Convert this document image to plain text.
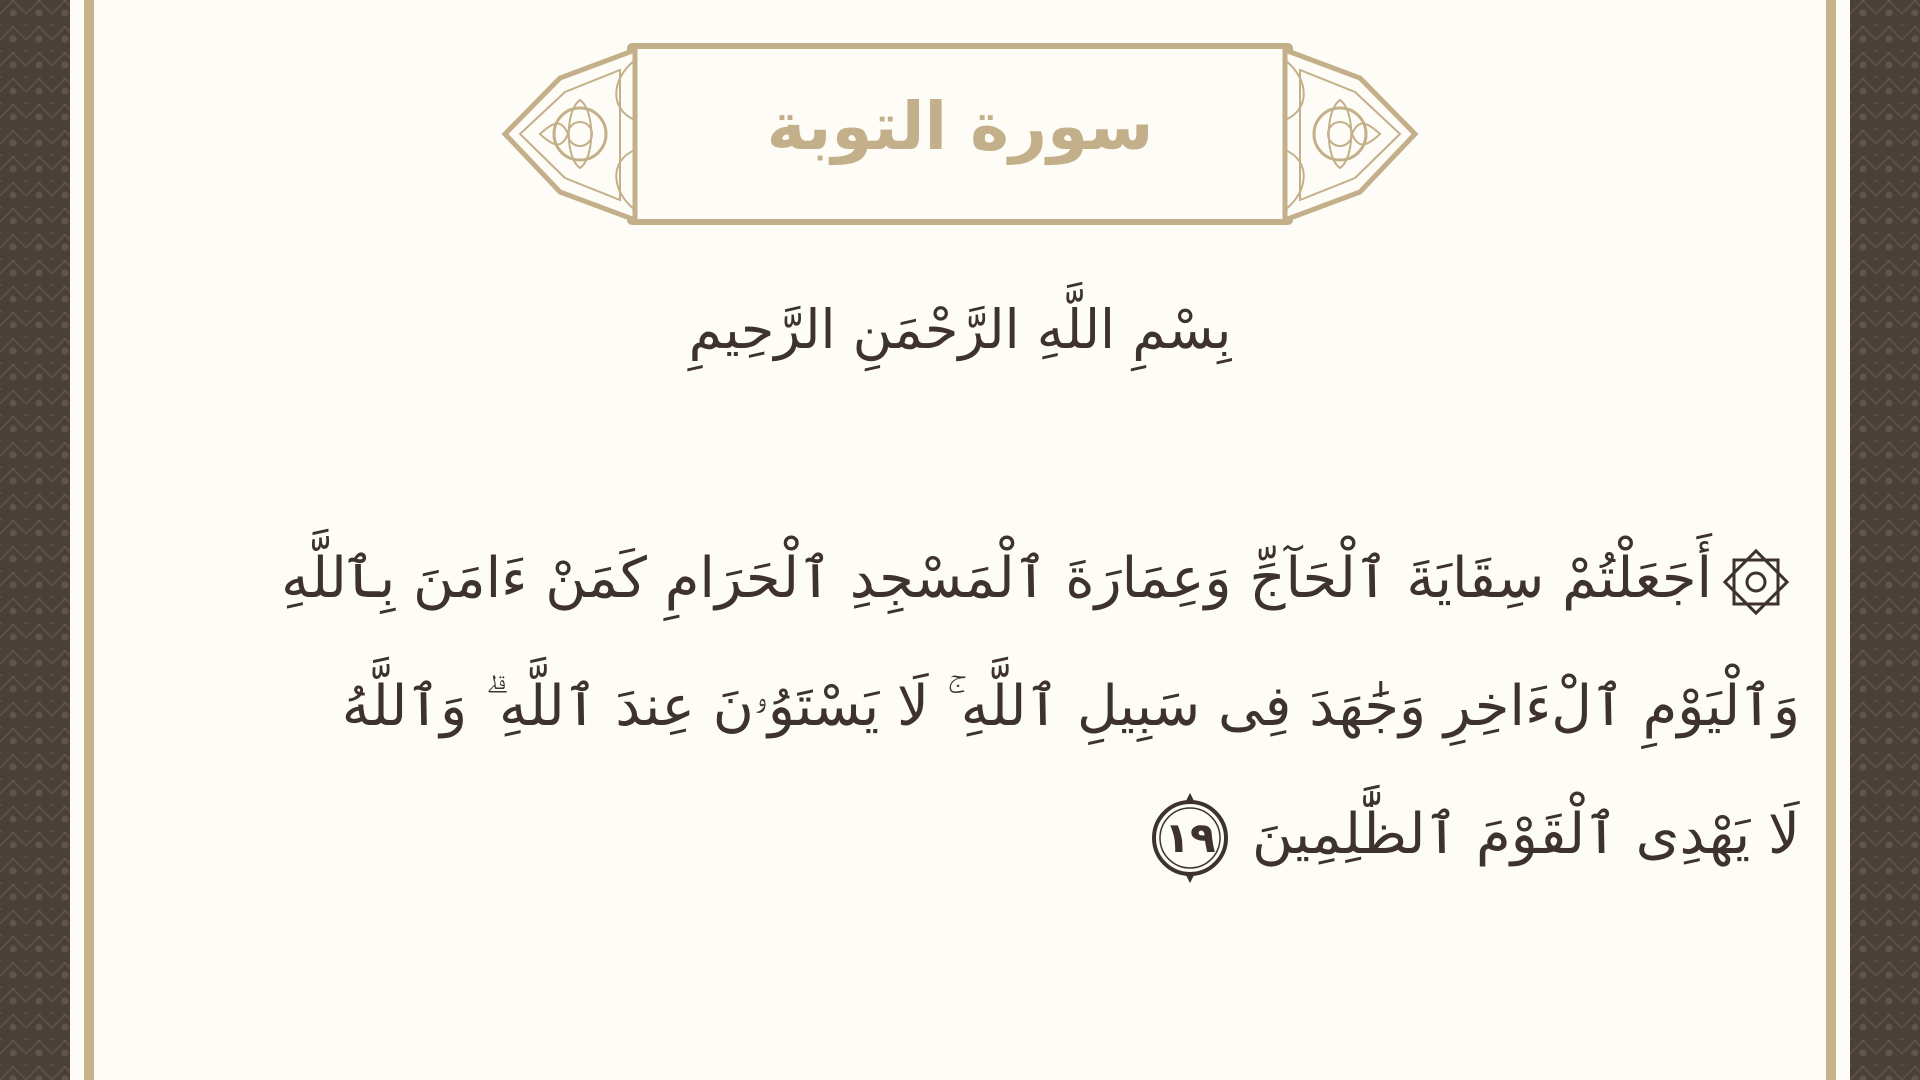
سورة التوبة
بِسْمِ اللَّهِ الرَّحْمَنِ الرَّحِيمِ
أَجَعَلْتُمْ سِقَايَةَ ٱلْحَآجِّ وَعِمَارَةَ ٱلْمَسْجِدِ ٱلْحَرَامِ كَمَنْ ءَامَنَ بِٱللَّهِ
وَٱلْيَوْمِ ٱلْءَاخِرِ وَجَٰهَدَ فِى سَبِيلِ ٱللَّهِ ۚ لَا يَسْتَوُۥنَ عِندَ ٱللَّهِ ۗ وَٱللَّهُ
لَا يَهْدِى ٱلْقَوْمَ ٱلظَّٰلِمِينَ
١٩
